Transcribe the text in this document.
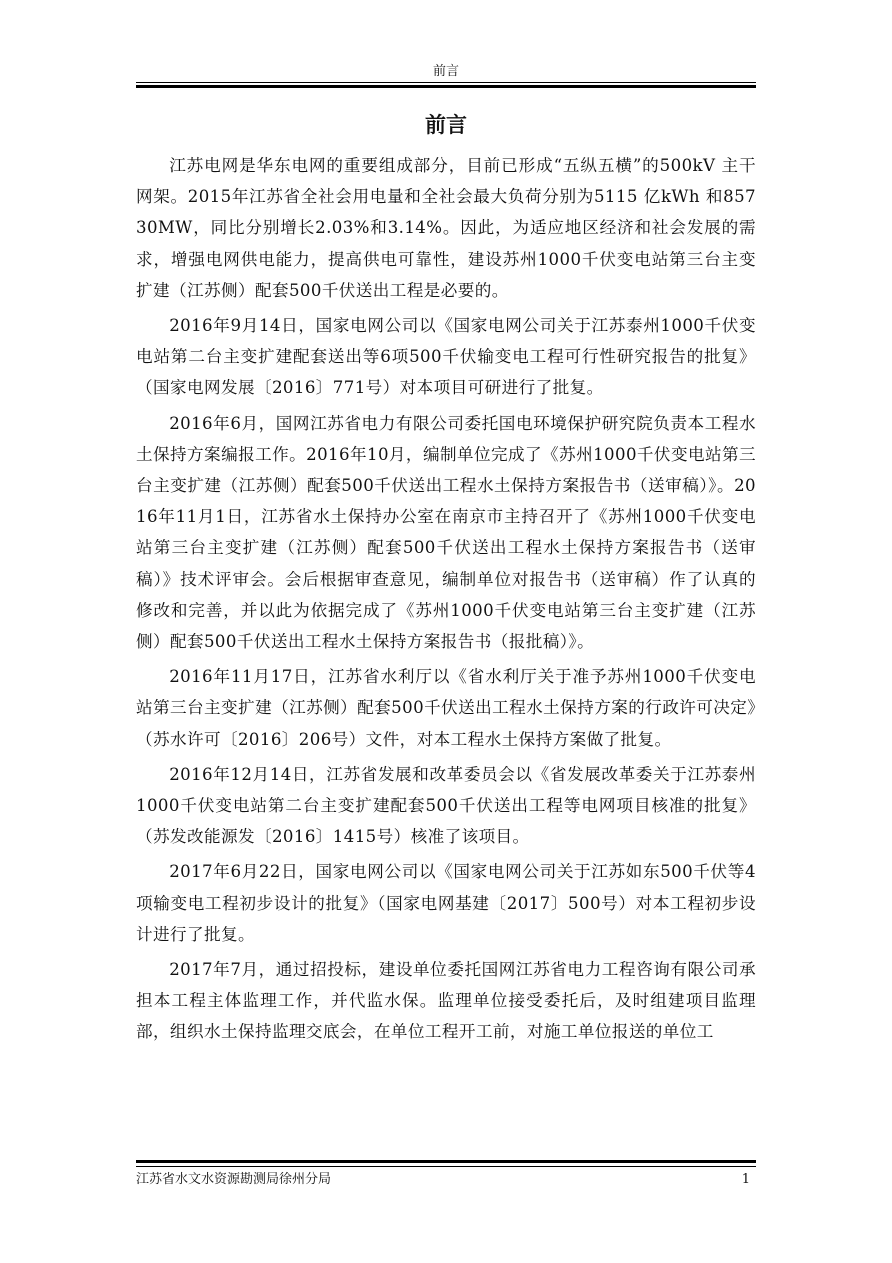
前言
前言

江苏电网是华东电网的重要组成部分，目前已形成“五纵五横”的500kV 主干网架。2015年江苏省全社会用电量和全社会最大负荷分别为5115 亿kWh 和85730MW，同比分别增长2.03%和3.14%。因此，为适应地区经济和社会发展的需求，增强电网供电能力，提高供电可靠性，建设苏州1000千伏变电站第三台主变扩建（江苏侧）配套500千伏送出工程是必要的。

2016年9月14日，国家电网公司以《国家电网公司关于江苏泰州1000千伏变电站第二台主变扩建配套送出等6项500千伏输变电工程可行性研究报告的批复》（国家电网发展〔2016〕771号）对本项目可研进行了批复。

2016年6月，国网江苏省电力有限公司委托国电环境保护研究院负责本工程水土保持方案编报工作。2016年10月，编制单位完成了《苏州1000千伏变电站第三台主变扩建（江苏侧）配套500千伏送出工程水土保持方案报告书（送审稿）》。2016年11月1日，江苏省水土保持办公室在南京市主持召开了《苏州1000千伏变电站第三台主变扩建（江苏侧）配套500千伏送出工程水土保持方案报告书（送审稿）》技术评审会。会后根据审查意见，编制单位对报告书（送审稿）作了认真的修改和完善，并以此为依据完成了《苏州1000千伏变电站第三台主变扩建（江苏侧）配套500千伏送出工程水土保持方案报告书（报批稿）》。

2016年11月17日，江苏省水利厅以《省水利厅关于准予苏州1000千伏变电站第三台主变扩建（江苏侧）配套500千伏送出工程水土保持方案的行政许可决定》（苏水许可〔2016〕206号）文件，对本工程水土保持方案做了批复。

2016年12月14日，江苏省发展和改革委员会以《省发展改革委关于江苏泰州1000千伏变电站第二台主变扩建配套500千伏送出工程等电网项目核准的批复》（苏发改能源发〔2016〕1415号）核准了该项目。

2017年6月22日，国家电网公司以《国家电网公司关于江苏如东500千伏等4项输变电工程初步设计的批复》（国家电网基建〔2017〕500号）对本工程初步设计进行了批复。

2017年7月，通过招投标，建设单位委托国网江苏省电力工程咨询有限公司承担本工程主体监理工作，并代监水保。监理单位接受委托后，及时组建项目监理部，组织水土保持监理交底会，在单位工程开工前，对施工单位报送的单位工

江苏省水文水资源勘测局徐州分局	1
